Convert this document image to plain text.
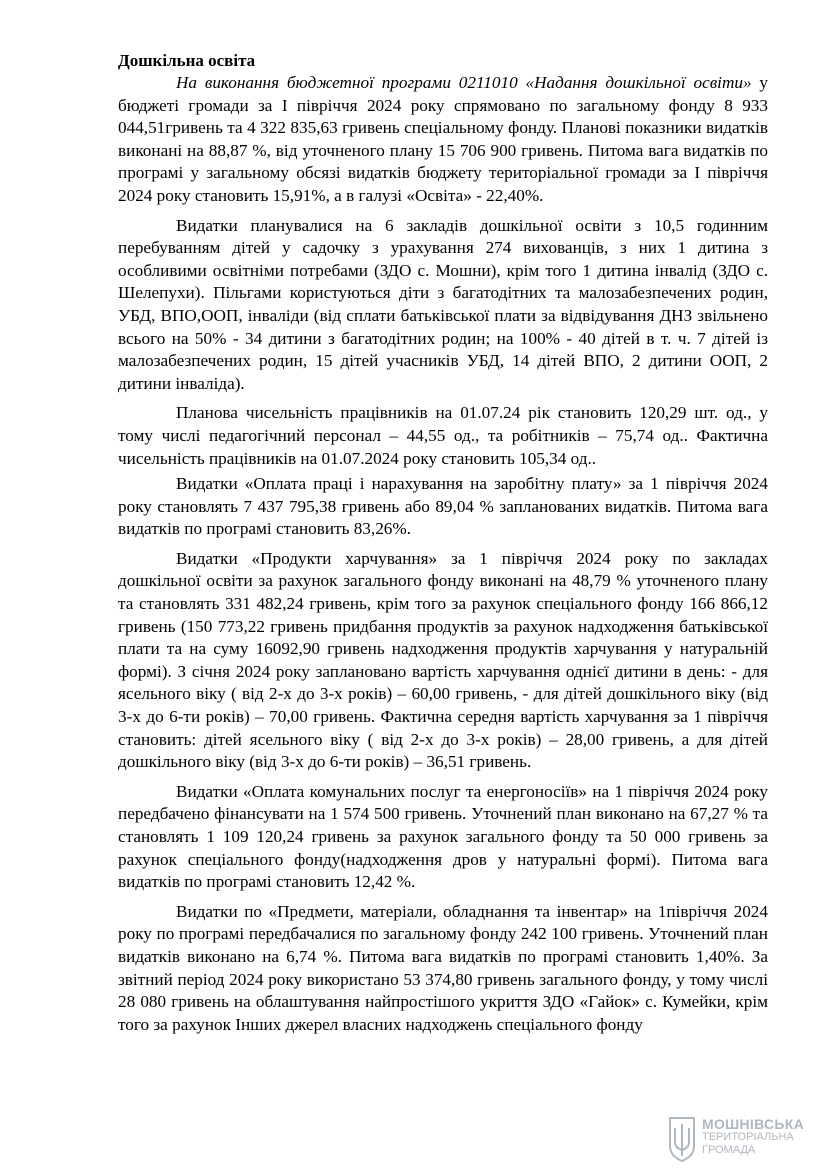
Дошкільна освіта

На виконання бюджетної програми 0211010 «Надання дошкільної освіти» у бюджеті громади за І півріччя 2024 року спрямовано по загальному фонду 8 933 044,51гривень та 4 322 835,63 гривень спеціальному фонду. Планові показники видатків виконані на 88,87 %, від уточненого плану 15 706 900 гривень. Питома вага видатків по програмі у загальному обсязі видатків бюджету територіальної громади за І півріччя 2024 року становить 15,91%, а в галузі «Освіта» - 22,40%.

Видатки планувалися на 6 закладів дошкільної освіти з 10,5 годинним перебуванням дітей у садочку з урахування 274 вихованців, з них 1 дитина з особливими освітніми потребами (ЗДО с. Мошни), крім того 1 дитина інвалід (ЗДО с. Шелепухи). Пільгами користуються діти з багатодітних та малозабезпечених родин, УБД, ВПО,ООП, інваліди (від сплати батьківської плати за відвідування ДНЗ звільнено всього на 50% - 34 дитини з багатодітних родин; на 100% - 40 дітей в т. ч. 7 дітей із малозабезпечених родин, 15 дітей учасників УБД, 14 дітей ВПО, 2 дитини ООП, 2 дитини інваліда).

Планова чисельність працівників на 01.07.24 рік становить 120,29 шт. од., у тому числі педагогічний персонал – 44,55 од., та робітників – 75,74 од.. Фактична чисельність працівників на 01.07.2024 року становить 105,34 од..

Видатки «Оплата праці і нарахування на заробітну плату» за 1 півріччя 2024 року становлять 7 437 795,38 гривень або 89,04 % запланованих видатків. Питома вага видатків по програмі становить 83,26%.

Видатки «Продукти харчування» за 1 півріччя 2024 року по закладах дошкільної освіти за рахунок загального фонду виконані на 48,79 % уточненого плану та становлять 331 482,24 гривень, крім того за рахунок спеціального фонду 166 866,12 гривень (150 773,22 гривень придбання продуктів за рахунок надходження батьківської плати та на суму 16092,90 гривень надходження продуктів харчування у натуральній формі). З січня 2024 року заплановано вартість харчування однієї дитини в день: - для ясельного віку ( від 2-х до 3-х років) – 60,00 гривень, - для дітей дошкільного віку (від 3-х до 6-ти років) – 70,00 гривень. Фактична середня вартість харчування за 1 півріччя становить: дітей ясельного віку ( від 2-х до 3-х років) – 28,00 гривень, а для дітей дошкільного віку (від 3-х до 6-ти років) – 36,51 гривень.

Видатки «Оплата комунальних послуг та енергоносіїв» на 1 півріччя 2024 року передбачено фінансувати на 1 574 500 гривень. Уточнений план виконано на 67,27 % та становлять 1 109 120,24 гривень за рахунок загального фонду та 50 000 гривень за рахунок спеціального фонду(надходження дров у натуральні формі). Питома вага видатків по програмі становить 12,42 %.

Видатки по «Предмети, матеріали, обладнання та інвентар» на 1півріччя 2024 року по програмі передбачалися по загальному фонду 242 100 гривень. Уточнений план видатків виконано на 6,74 %. Питома вага видатків по програмі становить 1,40%. За звітний період 2024 року використано 53 374,80 гривень загального фонду, у тому числі 28 080 гривень на облаштування найпростішого укриття ЗДО «Гайок» с. Кумейки, крім того за рахунок Інших джерел власних надходжень спеціального фонду

МОШНІВСЬКА
ТЕРИТОРІАЛЬНА
ГРОМАДА
